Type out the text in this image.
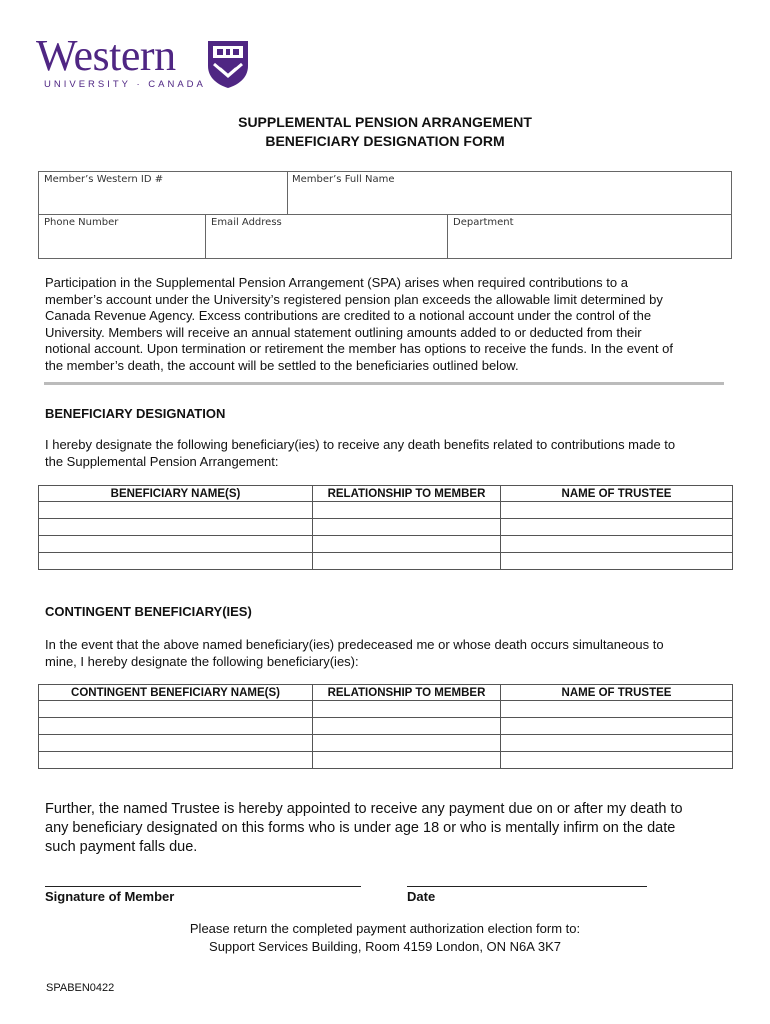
Western
UNIVERSITY · CANADA
SUPPLEMENTAL PENSION ARRANGEMENT
BENEFICIARY DESIGNATION FORM
Member’s Western ID #	Member’s Full Name
Phone Number	Email Address	Department
Participation in the Supplemental Pension Arrangement (SPA) arises when required contributions to a
member’s account under the University’s registered pension plan exceeds the allowable limit determined by
Canada Revenue Agency. Excess contributions are credited to a notional account under the control of the
University. Members will receive an annual statement outlining amounts added to or deducted from their
notional account. Upon termination or retirement the member has options to receive the funds. In the event of
the member’s death, the account will be settled to the beneficiaries outlined below.
BENEFICIARY DESIGNATION
I hereby designate the following beneficiary(ies) to receive any death benefits related to contributions made to
the Supplemental Pension Arrangement:
BENEFICIARY NAME(S)	RELATIONSHIP TO MEMBER	NAME OF TRUSTEE

CONTINGENT BENEFICIARY(IES)
In the event that the above named beneficiary(ies) predeceased me or whose death occurs simultaneous to
mine, I hereby designate the following beneficiary(ies):
CONTINGENT BENEFICIARY NAME(S)	RELATIONSHIP TO MEMBER	NAME OF TRUSTEE

Further, the named Trustee is hereby appointed to receive any payment due on or after my death to
any beneficiary designated on this forms who is under age 18 or who is mentally infirm on the date
such payment falls due.
Signature of Member	Date
Please return the completed payment authorization election form to:
Support Services Building, Room 4159 London, ON N6A 3K7
SPABEN0422
